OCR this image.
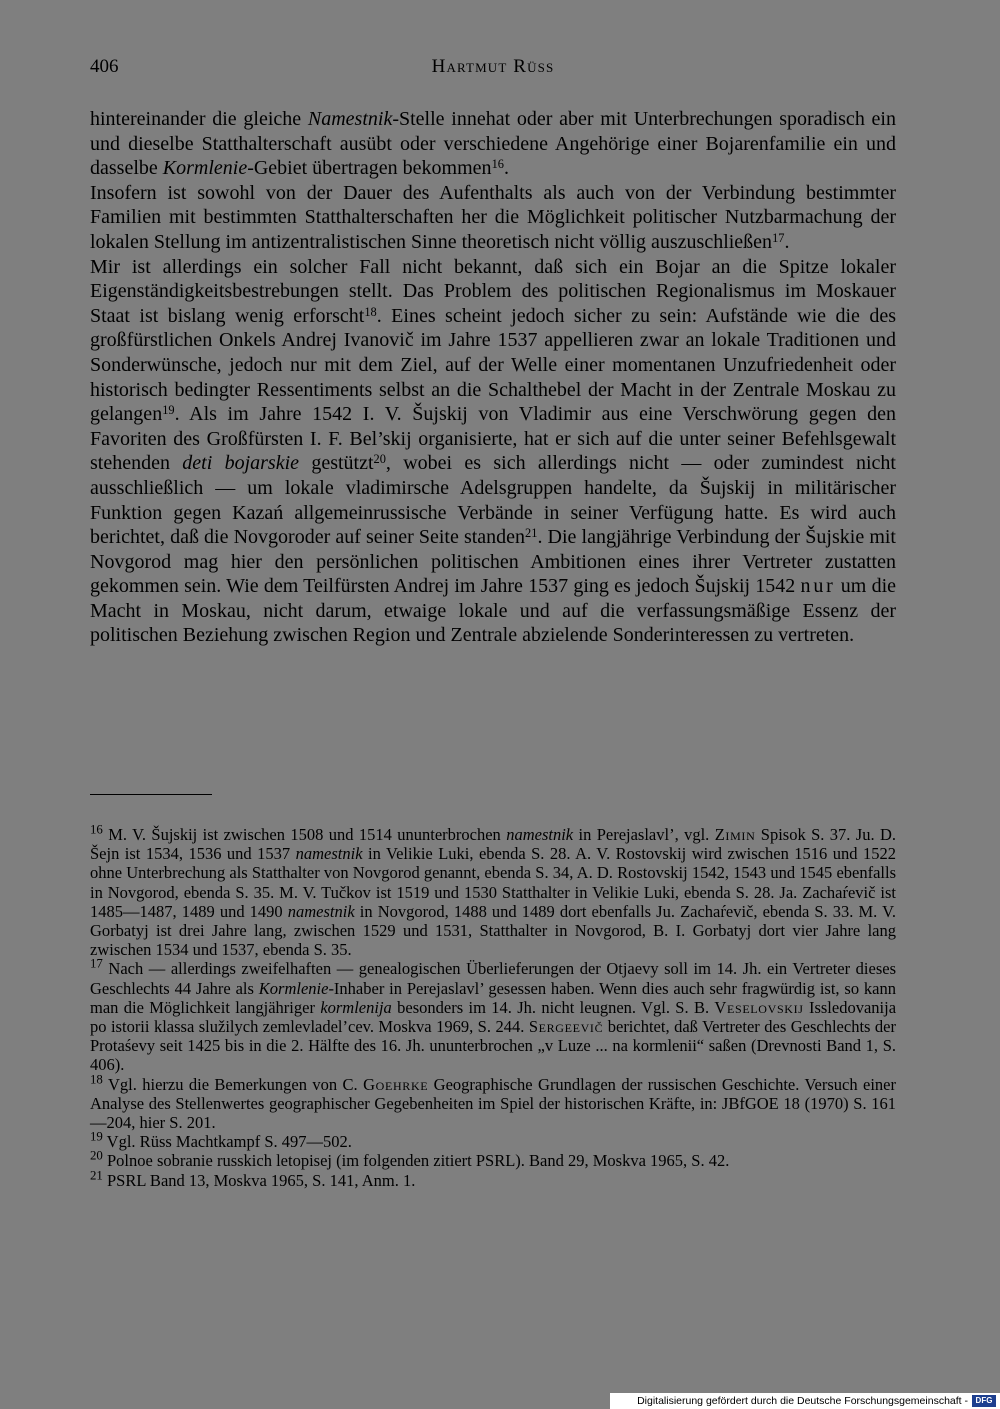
406	Hartmut Rüss

hintereinander die gleiche Namestnik-Stelle innehat oder aber mit Unterbrechungen sporadisch ein und dieselbe Statthalterschaft ausübt oder verschiedene Angehörige einer Bojarenfamilie ein und dasselbe Kormlenie-Gebiet übertragen bekommen$^{16}$.

Insofern ist sowohl von der Dauer des Aufenthalts als auch von der Verbindung bestimmter Familien mit bestimmten Statthalterschaften her die Möglichkeit politischer Nutzbarmachung der lokalen Stellung im antizentralistischen Sinne theoretisch nicht völlig auszuschließen$^{17}$.

Mir ist allerdings ein solcher Fall nicht bekannt, daß sich ein Bojar an die Spitze lokaler Eigenständigkeitsbestrebungen stellt. Das Problem des politischen Regionalismus im Moskauer Staat ist bislang wenig erforscht$^{18}$. Eines scheint jedoch sicher zu sein: Aufstände wie die des großfürstlichen Onkels Andrej Ivanovič im Jahre 1537 appellieren zwar an lokale Traditionen und Sonderwünsche, jedoch nur mit dem Ziel, auf der Welle einer momentanen Unzufriedenheit oder historisch bedingter Ressentiments selbst an die Schalthebel der Macht in der Zentrale Moskau zu gelangen$^{19}$. Als im Jahre 1542 I. V. Šujskij von Vladimir aus eine Verschwörung gegen den Favoriten des Großfürsten I. F. Bel’skij organisierte, hat er sich auf die unter seiner Befehlsgewalt stehenden deti bojarskie gestützt$^{20}$, wobei es sich allerdings nicht — oder zumindest nicht ausschließlich — um lokale vladimirsche Adelsgruppen handelte, da Šujskij in militärischer Funktion gegen Kazań allgemeinrussische Verbände in seiner Verfügung hatte. Es wird auch berichtet, daß die Novgoroder auf seiner Seite standen$^{21}$. Die langjährige Verbindung der Šujskie mit Novgorod mag hier den persönlichen politischen Ambitionen eines ihrer Vertreter zustatten gekommen sein. Wie dem Teilfürsten Andrej im Jahre 1537 ging es jedoch Šujskij 1542 nur um die Macht in Moskau, nicht darum, etwaige lokale und auf die verfassungsmäßige Essenz der politischen Beziehung zwischen Region und Zentrale abzielende Sonderinteressen zu vertreten.

$^{16}$ M. V. Šujskij ist zwischen 1508 und 1514 ununterbrochen namestnik in Perejaslavl’, vgl. Zimin Spisok S. 37. Ju. D. Šejn ist 1534, 1536 und 1537 namestnik in Velikie Luki, ebenda S. 28. A. V. Rostovskij wird zwischen 1516 und 1522 ohne Unterbrechung als Statthalter von Novgorod genannt, ebenda S. 34, A. D. Rostovskij 1542, 1543 und 1545 ebenfalls in Novgorod, ebenda S. 35. M. V. Tučkov ist 1519 und 1530 Statthalter in Velikie Luki, ebenda S. 28. Ja. Zachaŕevič ist 1485—1487, 1489 und 1490 namestnik in Novgorod, 1488 und 1489 dort ebenfalls Ju. Zachaŕevič, ebenda S. 33. M. V. Gorbatyj ist drei Jahre lang, zwischen 1529 und 1531, Statthalter in Novgorod, B. I. Gorbatyj dort vier Jahre lang zwischen 1534 und 1537, ebenda S. 35.

$^{17}$ Nach — allerdings zweifelhaften — genealogischen Überlieferungen der Otjaevy soll im 14. Jh. ein Vertreter dieses Geschlechts 44 Jahre als Kormlenie-Inhaber in Perejaslavl’ gesessen haben. Wenn dies auch sehr fragwürdig ist, so kann man die Möglichkeit langjähriger kormlenija besonders im 14. Jh. nicht leugnen. Vgl. S. B. Veselovskij Issledovanija po istorii klassa služilych zemlevladel’cev. Moskva 1969, S. 244. Sergeevič berichtet, daß Vertreter des Geschlechts der Protaśevy seit 1425 bis in die 2. Hälfte des 16. Jh. ununterbrochen „v Luze ... na kormlenii“ saßen (Drevnosti Band 1, S. 406).

$^{18}$ Vgl. hierzu die Bemerkungen von C. Goehrke Geographische Grundlagen der russischen Geschichte. Versuch einer Analyse des Stellenwertes geographischer Gegebenheiten im Spiel der historischen Kräfte, in: JBfGOE 18 (1970) S. 161—204, hier S. 201.

$^{19}$ Vgl. Rüss Machtkampf S. 497—502.

$^{20}$ Polnoe sobranie russkich letopisej (im folgenden zitiert PSRL). Band 29, Moskva 1965, S. 42.

$^{21}$ PSRL Band 13, Moskva 1965, S. 141, Anm. 1.

Digitalisierung gefördert durch die Deutsche Forschungsgemeinschaft - DFG
